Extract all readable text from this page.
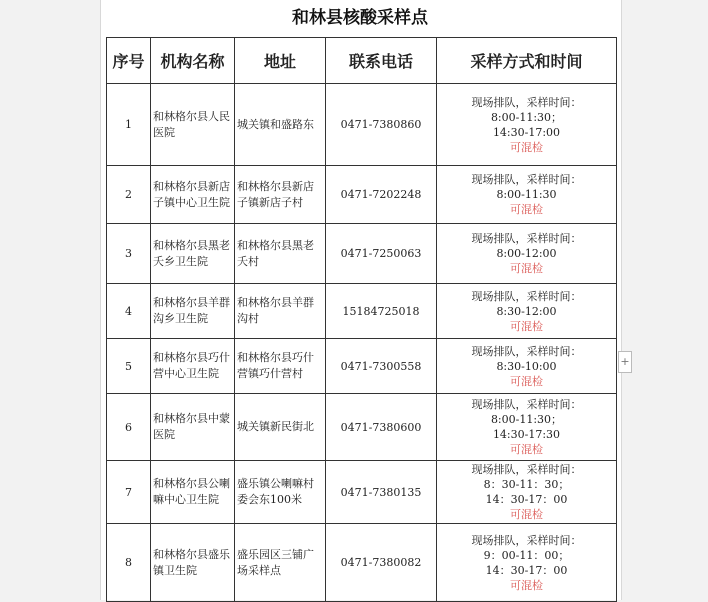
和林县核酸采样点
序号	机构名称	地址	联系电话	采样方式和时间
1	和林格尔县人民医院	城关镇和盛路东	0471-7380860	现场排队，采样时间：
8:00-11:30；
14:30-17:00
可混检

2	和林格尔县新店子镇中心卫生院	和林格尔县新店子镇新店子村	0471-7202248	现场排队，采样时间：
8:00-11:30
可混检

3	和林格尔县黑老夭乡卫生院	和林格尔县黑老夭村	0471-7250063	现场排队，采样时间：
8:00-12:00
可混检

4	和林格尔县羊群沟乡卫生院	和林格尔县羊群沟村	15184725018	现场排队，采样时间：
8:30-12:00
可混检

5	和林格尔县巧什营中心卫生院	和林格尔县巧什营镇巧什营村	0471-7300558	现场排队，采样时间：
8:30-10:00
可混检

6	和林格尔县中蒙医院	城关镇新民街北	0471-7380600	现场排队，采样时间：
8:00-11:30；
14:30-17:30
可混检

7	和林格尔县公喇嘛中心卫生院	盛乐镇公喇嘛村委会东100米	0471-7380135	现场排队，采样时间：
8：30-11：30；
14：30-17：00
可混检

8	和林格尔县盛乐镇卫生院	盛乐园区三铺广场采样点	0471-7380082	现场排队，采样时间：
9：00-11：00；
14：30-17：00
可混检
+
